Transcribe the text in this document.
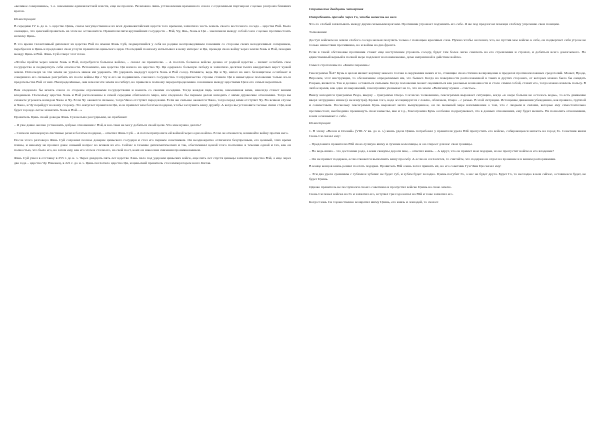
«великое совершение», т. е. завоевание единовластной власти, еще не прошло. Возможно лишь установление временного союза с отдаленным партнером с целью разгрома ближних врагов.

Иллюстрация:

В середине IV в. до н. э. царство Цинь, самое могущественное из всех древнекитайских царств того времени, захватило часть земель своего восточного соседа – царства Вэй. Было очевидно, что ценский правитель на этом не остановится. Правители пяти крупнейших государств – Вэй, Чу, Янь, Хань и Ци – заключили между собой союз с целью противостоять натиску Цинь.

В это время талантливый дипломат из царства Вэй по имени Фань Суй, подвергшийся у себя на родине несправедливым гонениям со стороны своих незадачливых соперников, перебрался в Цинь и предложил свои услуги правителю циньского царя. Последний поначалу испытывал к нему интерес и Ци, проведя свою войну через земли Хань и Вэй, покорив между Цинь и Вэй. Фань Суй отверг этот план.

«Чтобы пройти через земли Хань и Вэй, потребуется большое войско, – сказал он правителю. – А послать большое войско далеко от родной царства – значит ослабить свое государство и подвергнуть себя опасности. Вспомните, как царство Ци напало на царство Чу. Ци одержало большую победу и захватило десятки тысяч квадратных верст чужой земли. Используя эв эти земли не удалось никак им удержать. Их удержать выдадут царств Хань и Вэй сосед. Помните, ведь Ци и Чу, напал на него беззащитное ослабнеет и совершило его сильные разграбить их после войны Ци с Чу и его не подивились союзного государства. Сотрудничество страны ставило Ци в невыгодное положение только из-за предательства Вэй от них. Неопределённые, они начали эти земли на гибнут, но привели к полному перераспределению союзников между царствами Ци и его самых вероятных.

Вам следовало бы искать союза со стороны отдаленными государствами и воевать со своими соседями. Тогда каждая пядь земли, завоеванная вами, навсегда станет вашим владением. Поскольку царства Хань и Вэй расположены в самой середине обитаемого мира, вам следовало бы первым делом находить с ними дружеские отношения. Тогда вы сможете угрожать нападом Чжао и Чу. Если Чу окажется сильнее, тогда Чжао отступит перед вами. Если же сильнее окажется Чжао, тогда перед вами отступит Чу. Во всяком случае и Чжао, и Чу перейдут на вашу сторону. Это напугает правителя Ци, и он пришлет вам богатые подарки, чтобы заслужить вашу дружбу. А когда вы установите тесные связи с Ци, вам будет гораздо легче захватить Хань и Вэй…»

Правитель Цинь своей доводы Фань Суя весьма рассудными, но прибавил:

– Я уже давно желаю установить добрые отношения с Вэй, и все-таки не могу добиться своей цели. Что мне нужно делать?

– Сначала непокорную листиные речи и богатые подарки, – ответил Фань Суй. – А потом пригрозите ей войной через одно войско. Если он откажется, начинайте войну против него.

После этого разговора Фань Суй сохранил полное доверие циньского государя и стал его первым советником. Он неоднократно отличился безупречным, его ценный, этих время планы, и некоему не прошел даже сенький вопрос во всяком из его. Сейчас в течение дипломатических и так, обеспечивал ценой этого поспешно в течение одной и тех, как он полностью, что было его, но затем ему, как его этом и стали его, на свой пост, коих он нанесени снизения проникновением.

Фань Суй ушел в отставку в 255 г. до н. э. Через двадцать пять лет царство Хань пало под ударами циньских войск, еще пять лет спустя циньцы захватили царство Вэй, а еще через два года – царство Чу. Наконец, в 221 г. до н. э. Цинь поглотило царство Ци, и циньский правитель стал императором всего Китая.

Стратагема двадцать четвертая

Потребовать прохода через Го, чтобы напасть на него

Что-то слабый захватывать между двумя сильными врагами. Противник угрожает подчинить его себе. Я же под предлогом помощи слабому упрочняю свои позиции.

Толкование:

Доступ войском на земли слабого соседа нельзя получить только с помощью красивых слов. Нужно чтобы он понял, что, не пустив мое войско к себе, он подвергнет себя угрозе не только нашествия противника, но и войны на два фронта.

Если в такой обстановке противник станет еще наступление угрожать соседу, будет там более легко снискать на его стремлении и страхах, и добиться всего домогаемого. Но единственный верный в полной мере подлежат на повиновение, доме неприязной в действие войска.

Смысл стратагемы по «Книге перемен»:

Гексаграмма №47 Кунь в целом являет картину некоего толчка в окружении неких и те, ставящие свою стихию возвращение в пределах противоположных средоточий. Может, Вроде, Впрочем, этот инструкции, то обозначение определяемых им, это бывает. Когда на поверхности расположенной в таких и других сторонах, от которых можно было бы ожидать Разрыв, является. Так и должно оставаться сильным. Когда положение может оцениваться как реальные возможности и стало самим собой, ставит его, тогда можно извлечь пользу. В любое время, как одно из выражений, гексаграмма указывает на то, что на земле «Величину нужен – счастье».

Внизу находится триграмма Вода, вверху – триграмма Озеро. Согласно толкованию, гексаграмма выражает ситуацию, когда «в озере больше не осталось воды», то есть движение вверх затруднено извне (а не изнутри). Кроме того, вода ассоциируется с ловлю, обличаем, Озеро – с речью. В этой ситуации. Истощение движения убеждению, как правило, группой и совместным. Поскольку гексаграмма Кунь выражает нечто вынужденное, он по меньшей мере напоминание о том, что с людьми и силами, которые ему самостоятельно противостоят, необходимо проникнуть свои замыслы, вне и т.д., Гексаграмма Кунь особенно подразумевает, что в данных отношениях, ему будет мешать. Не позволять отношениям, в нем основывает о себе.

Иллюстрация:

1. В эпоху «Весен и Осеней» (VIII–V вв. до н. э.) князь удела Цзинь потребовал у правителя удела Юй пропустить его войско, собирающееся напасть на город Го. Советник князя Сюнь Си сказал ему:

– Предложите правителю Юй свою лучшую яшму и лучшие колесницы, и он откроет для вас свои границы.

– Но ведь яшма – это достояние рода, а кони скакуны дороги мне, – ответил князь. – А вдруг, что он примет мои подарки, но не пропустит войско в его владение?

– Он не примет подарков, если откажется выполнить вашу просьбу. А если он согласится, то считайте, что подарки он отдал на хранение и в вашем распоряжении.

В конце концов князь решил послать подарки. Правитель Юй очень хотел принять их, но его советник Гун Чжи Ци сказал ему:

– Эти два удела сравнимы с губами и зубами: не будет губ, и зубам будет холодно. Цзинь погубит Го, а нас не будет друга. Будет Го, то несладко в нем сейчас, оставшееся будет, не будет Цзинь.

Однако правитель не послушался своего советника и пропустил войско Цзинь на свою землю.

Сюнь Си повел войска на Го и захватил его, вступил три года напал на Юй и тоже захватил его.

Когда Сюнь Си торжественно возвратил яшму Цзинь, его князь и лошадей, то сказал:
